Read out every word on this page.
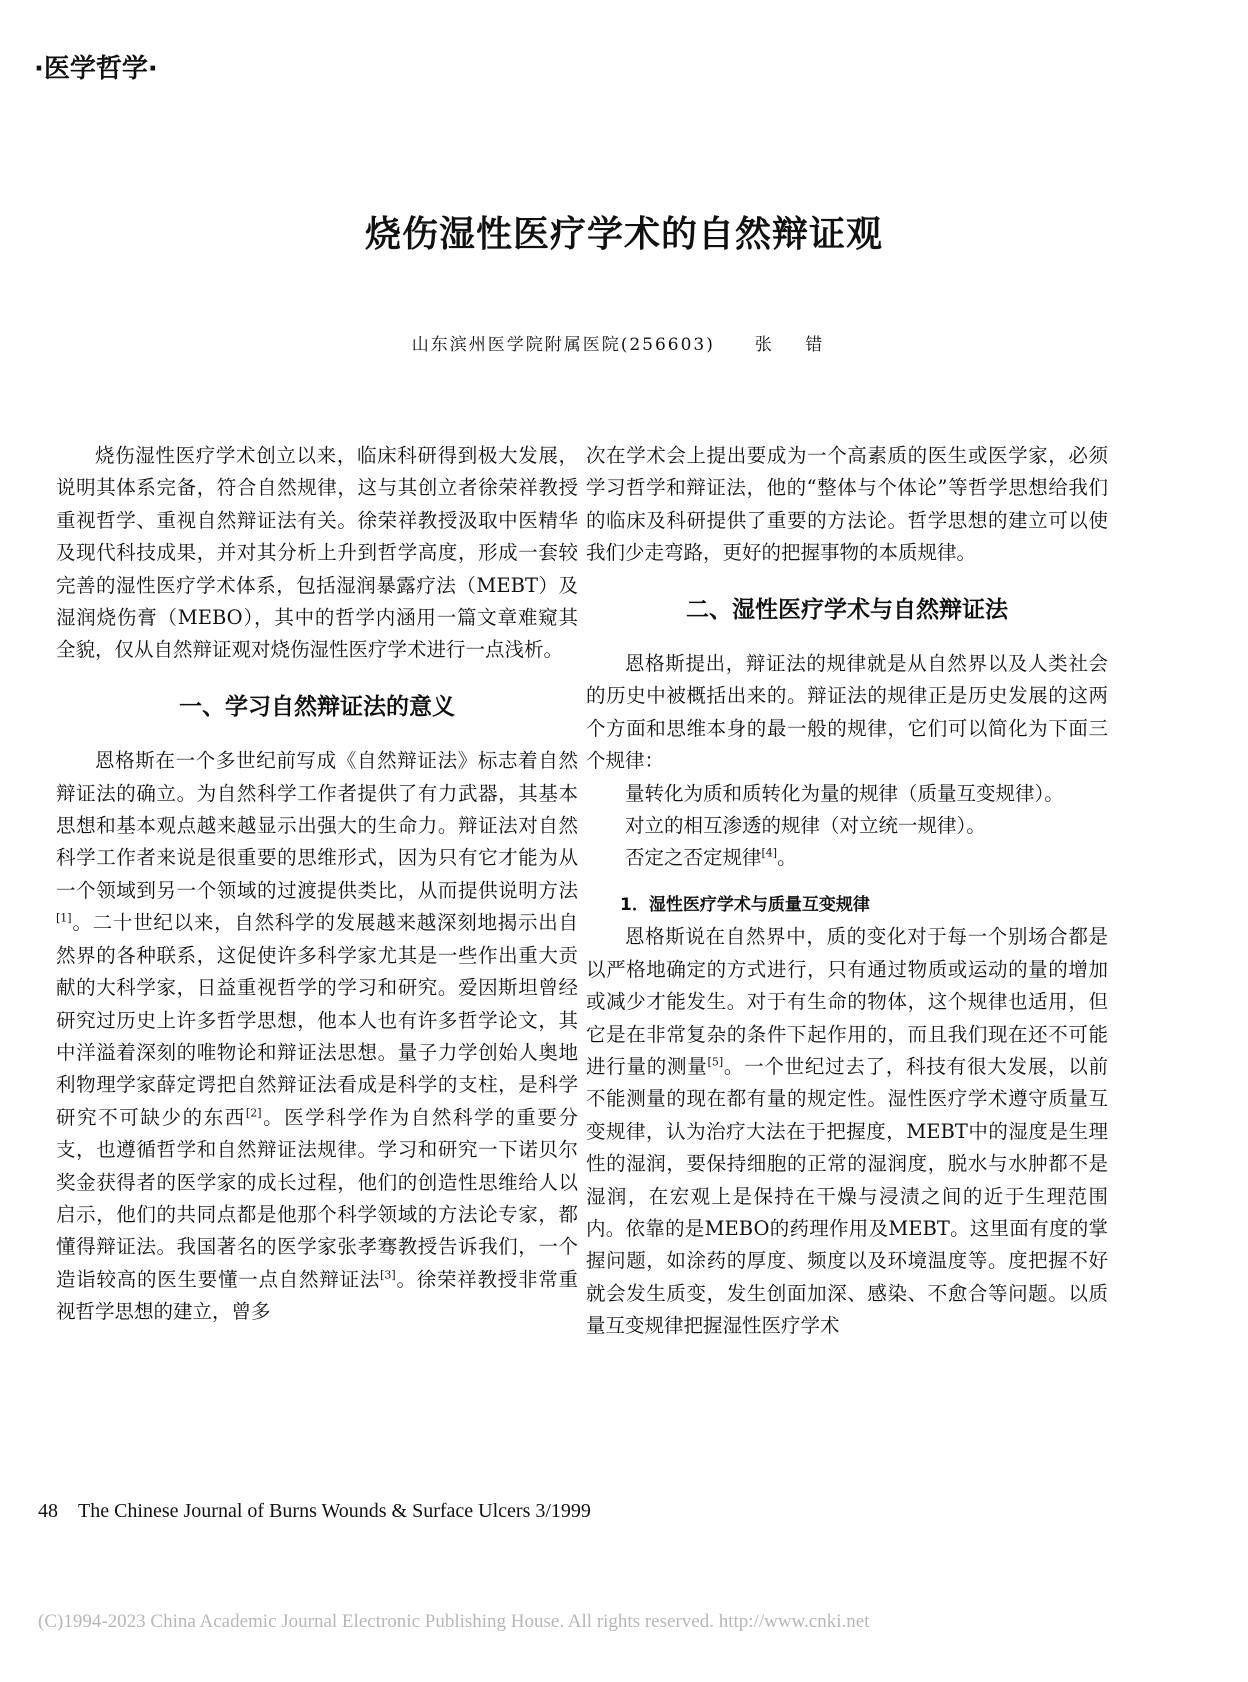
·医学哲学·
烧伤湿性医疗学术的自然辩证观
山东滨州医学院附属医院(256603) 张 错

烧伤湿性医疗学术创立以来，临床科研得到极大发展，说明其体系完备，符合自然规律，这与其创立者徐荣祥教授重视哲学、重视自然辩证法有关。徐荣祥教授汲取中医精华及现代科技成果，并对其分析上升到哲学高度，形成一套较完善的湿性医疗学术体系，包括湿润暴露疗法（MEBT）及湿润烧伤膏（MEBO），其中的哲学内涵用一篇文章难窥其全貌，仅从自然辩证观对烧伤湿性医疗学术进行一点浅析。

一、学习自然辩证法的意义

恩格斯在一个多世纪前写成《自然辩证法》标志着自然辩证法的确立。为自然科学工作者提供了有力武器，其基本思想和基本观点越来越显示出强大的生命力。辩证法对自然科学工作者来说是很重要的思维形式，因为只有它才能为从一个领域到另一个领域的过渡提供类比，从而提供说明方法[1]。二十世纪以来，自然科学的发展越来越深刻地揭示出自然界的各种联系，这促使许多科学家尤其是一些作出重大贡献的大科学家，日益重视哲学的学习和研究。爱因斯坦曾经研究过历史上许多哲学思想，他本人也有许多哲学论文，其中洋溢着深刻的唯物论和辩证法思想。量子力学创始人奥地利物理学家薛定谔把自然辩证法看成是科学的支柱，是科学研究不可缺少的东西[2]。医学科学作为自然科学的重要分支，也遵循哲学和自然辩证法规律。学习和研究一下诺贝尔奖金获得者的医学家的成长过程，他们的创造性思维给人以启示，他们的共同点都是他那个科学领域的方法论专家，都懂得辩证法。我国著名的医学家张孝骞教授告诉我们，一个造诣较高的医生要懂一点自然辩证法[3]。徐荣祥教授非常重视哲学思想的建立，曾多

次在学术会上提出要成为一个高素质的医生或医学家，必须学习哲学和辩证法，他的“整体与个体论”等哲学思想给我们的临床及科研提供了重要的方法论。哲学思想的建立可以使我们少走弯路，更好的把握事物的本质规律。

二、湿性医疗学术与自然辩证法

恩格斯提出，辩证法的规律就是从自然界以及人类社会的历史中被概括出来的。辩证法的规律正是历史发展的这两个方面和思维本身的最一般的规律，它们可以简化为下面三个规律：

量转化为质和质转化为量的规律（质量互变规律）。

对立的相互渗透的规律（对立统一规律）。

否定之否定规律[4]。

1．湿性医疗学术与质量互变规律

恩格斯说在自然界中，质的变化对于每一个别场合都是以严格地确定的方式进行，只有通过物质或运动的量的增加或减少才能发生。对于有生命的物体，这个规律也适用，但它是在非常复杂的条件下起作用的，而且我们现在还不可能进行量的测量[5]。一个世纪过去了，科技有很大发展，以前不能测量的现在都有量的规定性。湿性医疗学术遵守质量互变规律，认为治疗大法在于把握度，MEBT中的湿度是生理性的湿润，要保持细胞的正常的湿润度，脱水与水肿都不是湿润，在宏观上是保持在干燥与浸渍之间的近于生理范围内。依靠的是MEBO的药理作用及MEBT。这里面有度的掌握问题，如涂药的厚度、频度以及环境温度等。度把握不好就会发生质变，发生创面加深、感染、不愈合等问题。以质量互变规律把握湿性医疗学术

48 The Chinese Journal of Burns Wounds & Surface Ulcers 3/1999
(C)1994-2023 China Academic Journal Electronic Publishing House. All rights reserved. http://www.cnki.net
